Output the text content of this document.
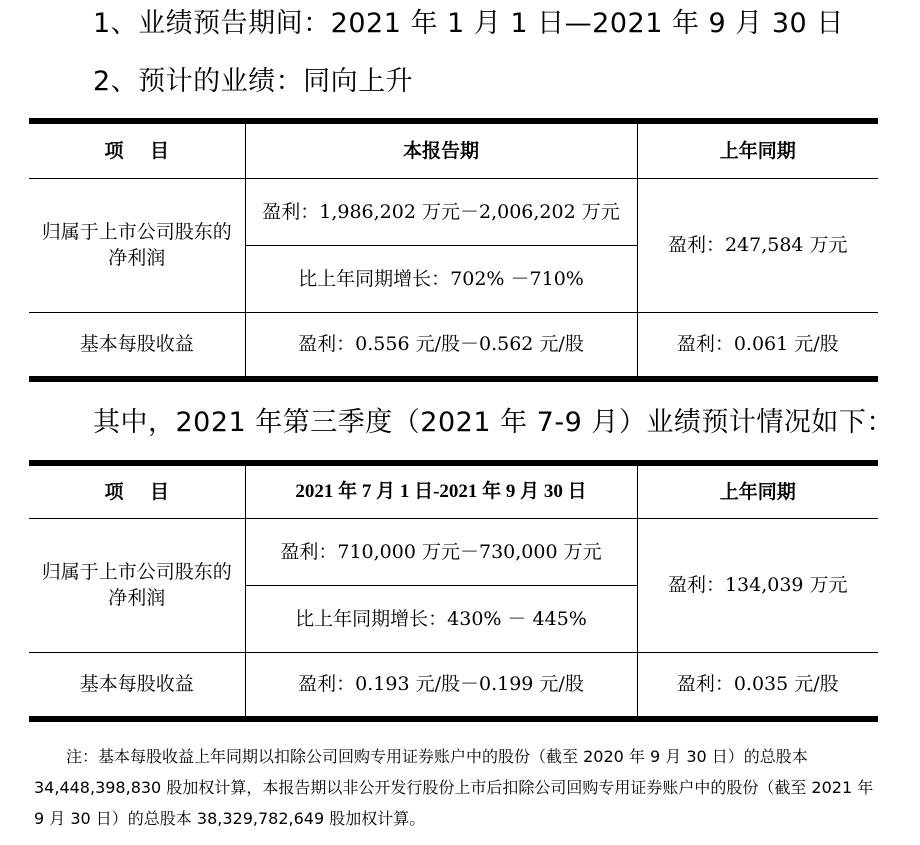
1、业绩预告期间：2021 年 1 月 1 日—2021 年 9 月 30 日
2、预计的业绩：同向上升
项    目	本报告期	上年同期
归属于上市公司股东的净利润	盈利：1,986,202 万元－2,006,202 万元	盈利：247,584 万元
	比上年同期增长：702% －710%	
基本每股收益	盈利：0.556 元/股－0.562 元/股	盈利：0.061 元/股
其中，2021 年第三季度（2021 年 7-9 月）业绩预计情况如下：
项    目	2021 年 7 月 1 日-2021 年 9 月 30 日	上年同期
归属于上市公司股东的净利润	盈利：710,000 万元－730,000 万元	盈利：134,039 万元
	比上年同期增长：430% － 445%	
基本每股收益	盈利：0.193 元/股－0.199 元/股	盈利：0.035 元/股
注：基本每股收益上年同期以扣除公司回购专用证券账户中的股份（截至 2020 年 9 月 30 日）的总股本 34,448,398,830 股加权计算，本报告期以非公开发行股份上市后扣除公司回购专用证券账户中的股份（截至 2021 年 9 月 30 日）的总股本 38,329,782,649 股加权计算。
